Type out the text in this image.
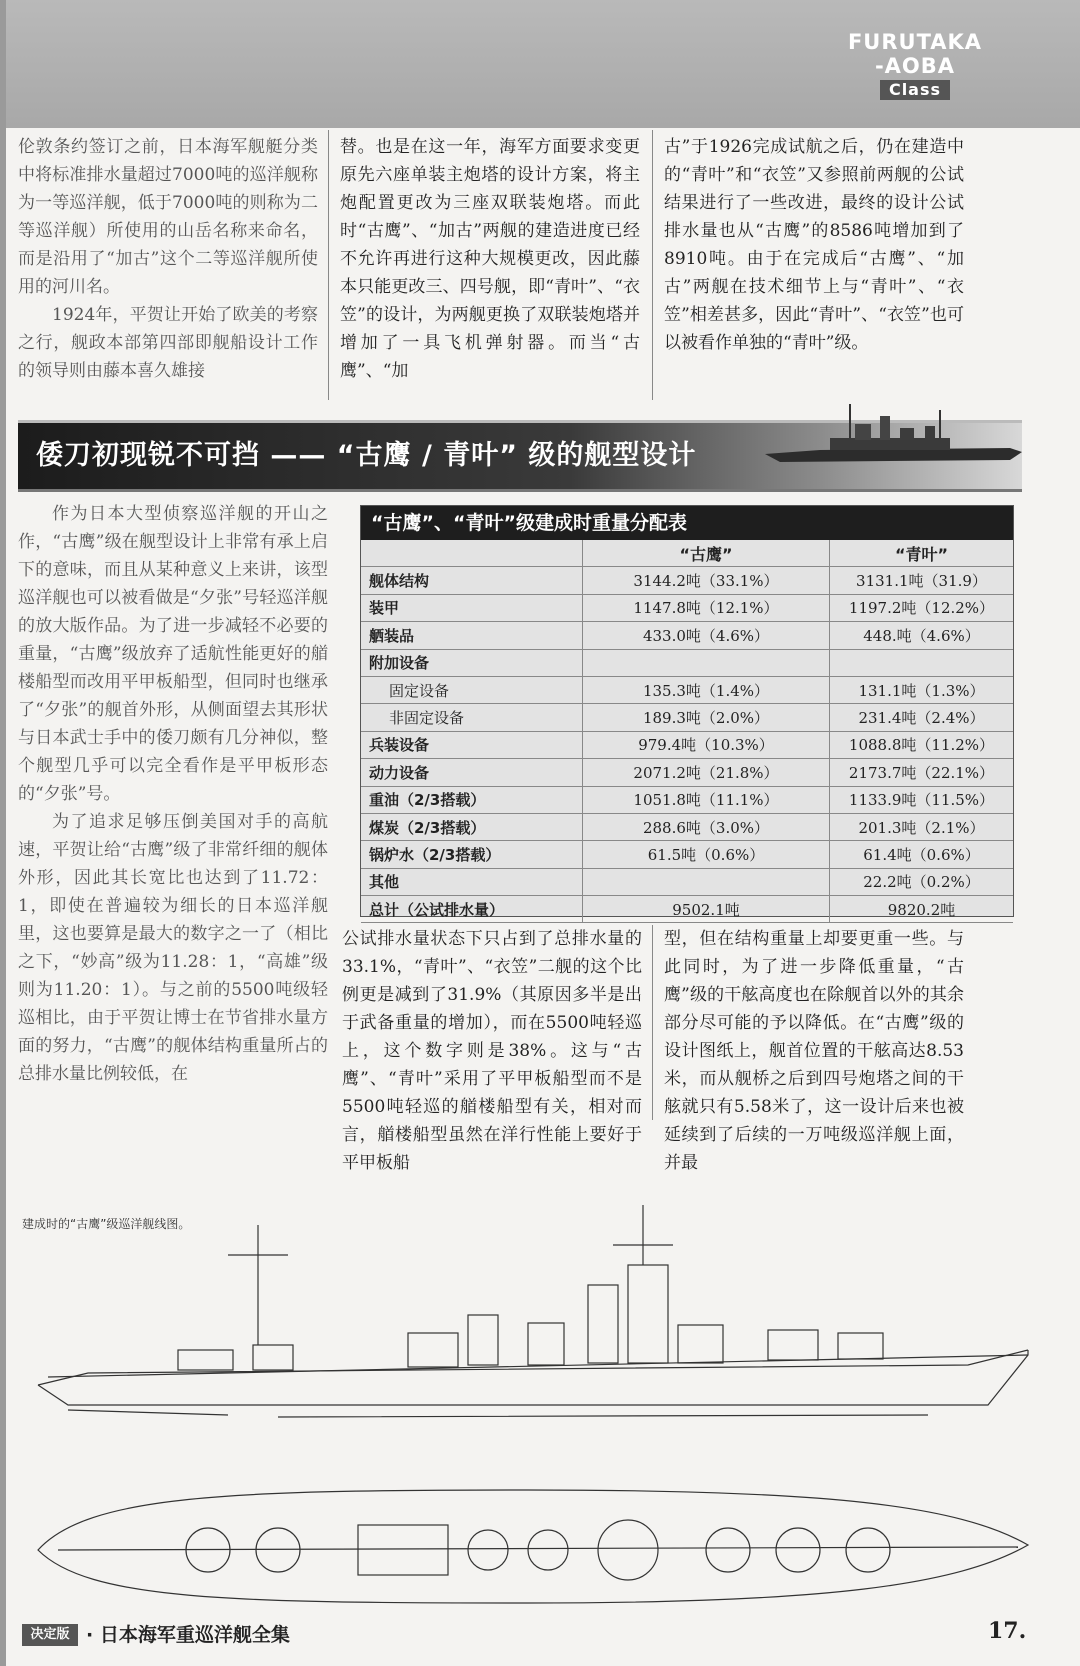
FURUTAKA
-AOBA
Class

伦敦条约签订之前，日本海军舰艇分类中将标准排水量超过7000吨的巡洋舰称为一等巡洋舰，低于7000吨的则称为二等巡洋舰）所使用的山岳名称来命名，而是沿用了“加古”这个二等巡洋舰所使用的河川名。

1924年，平贺让开始了欧美的考察之行，舰政本部第四部即舰船设计工作的领导则由藤本喜久雄接

替。也是在这一年，海军方面要求变更原先六座单装主炮塔的设计方案，将主炮配置更改为三座双联装炮塔。而此时“古鹰”、“加古”两舰的建造进度已经不允许再进行这种大规模更改，因此藤本只能更改三、四号舰，即“青叶”、“衣笠”的设计，为两舰更换了双联装炮塔并增加了一具飞机弹射器。而当“古鹰”、“加

古”于1926完成试航之后，仍在建造中的“青叶”和“衣笠”又参照前两舰的公试结果进行了一些改进，最终的设计公试排水量也从“古鹰”的8586吨增加到了8910吨。由于在完成后“古鹰”、“加古”两舰在技术细节上与“青叶”、“衣笠”相差甚多，因此“青叶”、“衣笠”也可以被看作单独的“青叶”级。

倭刀初现锐不可挡 —— “古鹰 / 青叶” 级的舰型设计

作为日本大型侦察巡洋舰的开山之作，“古鹰”级在舰型设计上非常有承上启下的意味，而且从某种意义上来讲，该型巡洋舰也可以被看做是“夕张”号轻巡洋舰的放大版作品。为了进一步减轻不必要的重量，“古鹰”级放弃了适航性能更好的艏楼船型而改用平甲板船型，但同时也继承了“夕张”的舰首外形，从侧面望去其形状与日本武士手中的倭刀颇有几分神似，整个舰型几乎可以完全看作是平甲板形态的“夕张”号。

为了追求足够压倒美国对手的高航速，平贺让给“古鹰”级了非常纤细的舰体外形，因此其长宽比也达到了11.72：1，即使在普遍较为细长的日本巡洋舰里，这也要算是最大的数字之一了（相比之下，“妙高”级为11.28：1，“高雄”级则为11.20：1）。与之前的5500吨级轻巡相比，由于平贺让博士在节省排水量方面的努力，“古鹰”的舰体结构重量所占的总排水量比例较低，在

“古鹰”、“青叶”级建成时重量分配表
	“古鹰”	“青叶”
舰体结构	3144.2吨（33.1%）	3131.1吨（31.9）
装甲	1147.8吨（12.1%）	1197.2吨（12.2%）
舾装品	433.0吨（4.6%）	448.吨（4.6%）
附加设备		
固定设备	135.3吨（1.4%）	131.1吨（1.3%）
非固定设备	189.3吨（2.0%）	231.4吨（2.4%）
兵装设备	979.4吨（10.3%）	1088.8吨（11.2%）
动力设备	2071.2吨（21.8%）	2173.7吨（22.1%）
重油（2/3搭载）	1051.8吨（11.1%）	1133.9吨（11.5%）
煤炭（2/3搭载）	288.6吨（3.0%）	201.3吨（2.1%）
锅炉水（2/3搭载）	61.5吨（0.6%）	61.4吨（0.6%）
其他		22.2吨（0.2%）
总计（公试排水量）	9502.1吨	9820.2吨

公试排水量状态下只占到了总排水量的33.1%，“青叶”、“衣笠”二舰的这个比例更是减到了31.9%（其原因多半是出于武备重量的增加），而在5500吨轻巡上，这个数字则是38%。这与“古鹰”、“青叶”采用了平甲板船型而不是5500吨轻巡的艏楼船型有关，相对而言，艏楼船型虽然在洋行性能上要好于平甲板船

型，但在结构重量上却要更重一些。与此同时，为了进一步降低重量，“古鹰”级的干舷高度也在除舰首以外的其余部分尽可能的予以降低。在“古鹰”级的设计图纸上，舰首位置的干舷高达8.53米，而从舰桥之后到四号炮塔之间的干舷就只有5.58米了，这一设计后来也被延续到了后续的一万吨级巡洋舰上面，并最

建成时的“古鹰”级巡洋舰线图。
决定版 · 日本海军重巡洋舰全集	17.
